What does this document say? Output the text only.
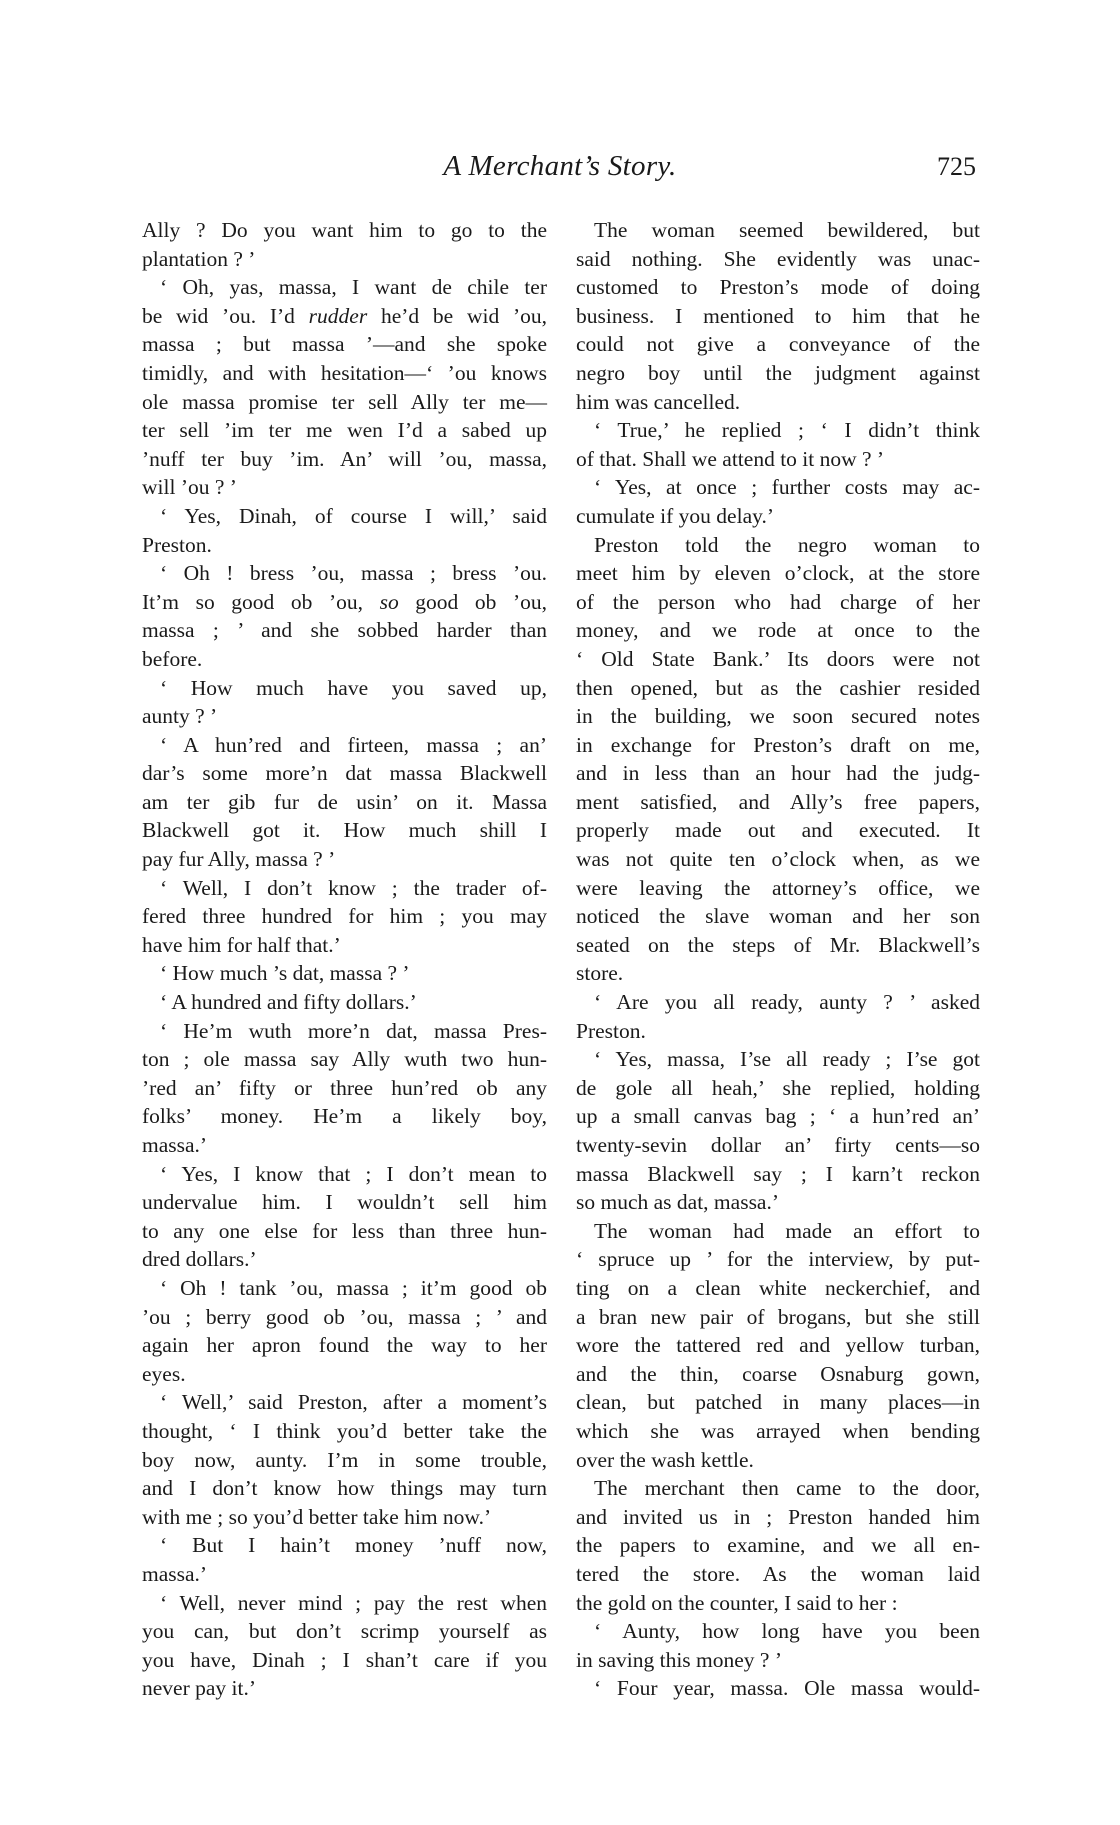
A Merchant’s Story.	725
Ally ? Do you want him to go to the
plantation ? ’
‘ Oh, yas, massa, I want de chile ter
be wid ’ou. I’d rudder he’d be wid ’ou,
massa ; but massa ’—and she spoke
timidly, and with hesitation—‘ ’ou knows
ole massa promise ter sell Ally ter me—
ter sell ’im ter me wen I’d a sabed up
’nuff ter buy ’im. An’ will ’ou, massa,
will ’ou ? ’
‘ Yes, Dinah, of course I will,’ said
Preston.
‘ Oh ! bress ’ou, massa ; bress ’ou.
It’m so good ob ’ou, so good ob ’ou,
massa ; ’ and she sobbed harder than
before.
‘ How much have you saved up,
aunty ? ’
‘ A hun’red and firteen, massa ; an’
dar’s some more’n dat massa Blackwell
am ter gib fur de usin’ on it. Massa
Blackwell got it. How much shill I
pay fur Ally, massa ? ’
‘ Well, I don’t know ; the trader of-
fered three hundred for him ; you may
have him for half that.’
‘ How much ’s dat, massa ? ’
‘ A hundred and fifty dollars.’
‘ He’m wuth more’n dat, massa Pres-
ton ; ole massa say Ally wuth two hun-
’red an’ fifty or three hun’red ob any
folks’ money. He’m a likely boy,
massa.’
‘ Yes, I know that ; I don’t mean to
undervalue him. I wouldn’t sell him
to any one else for less than three hun-
dred dollars.’
‘ Oh ! tank ’ou, massa ; it’m good ob
’ou ; berry good ob ’ou, massa ; ’ and
again her apron found the way to her
eyes.
‘ Well,’ said Preston, after a moment’s
thought, ‘ I think you’d better take the
boy now, aunty. I’m in some trouble,
and I don’t know how things may turn
with me ; so you’d better take him now.’
‘ But I hain’t money ’nuff now,
massa.’
‘ Well, never mind ; pay the rest when
you can, but don’t scrimp yourself as
you have, Dinah ; I shan’t care if you
never pay it.’
The woman seemed bewildered, but
said nothing. She evidently was unac-
customed to Preston’s mode of doing
business. I mentioned to him that he
could not give a conveyance of the
negro boy until the judgment against
him was cancelled.
‘ True,’ he replied ; ‘ I didn’t think
of that. Shall we attend to it now ? ’
‘ Yes, at once ; further costs may ac-
cumulate if you delay.’
Preston told the negro woman to
meet him by eleven o’clock, at the store
of the person who had charge of her
money, and we rode at once to the
‘ Old State Bank.’ Its doors were not
then opened, but as the cashier resided
in the building, we soon secured notes
in exchange for Preston’s draft on me,
and in less than an hour had the judg-
ment satisfied, and Ally’s free papers,
properly made out and executed. It
was not quite ten o’clock when, as we
were leaving the attorney’s office, we
noticed the slave woman and her son
seated on the steps of Mr. Blackwell’s
store.
‘ Are you all ready, aunty ? ’ asked
Preston.
‘ Yes, massa, I’se all ready ; I’se got
de gole all heah,’ she replied, holding
up a small canvas bag ; ‘ a hun’red an’
twenty-sevin dollar an’ firty cents—so
massa Blackwell say ; I karn’t reckon
so much as dat, massa.’
The woman had made an effort to
‘ spruce up ’ for the interview, by put-
ting on a clean white neckerchief, and
a bran new pair of brogans, but she still
wore the tattered red and yellow turban,
and the thin, coarse Osnaburg gown,
clean, but patched in many places—in
which she was arrayed when bending
over the wash kettle.
The merchant then came to the door,
and invited us in ; Preston handed him
the papers to examine, and we all en-
tered the store. As the woman laid
the gold on the counter, I said to her :
‘ Aunty, how long have you been
in saving this money ? ’
‘ Four year, massa. Ole massa would-
